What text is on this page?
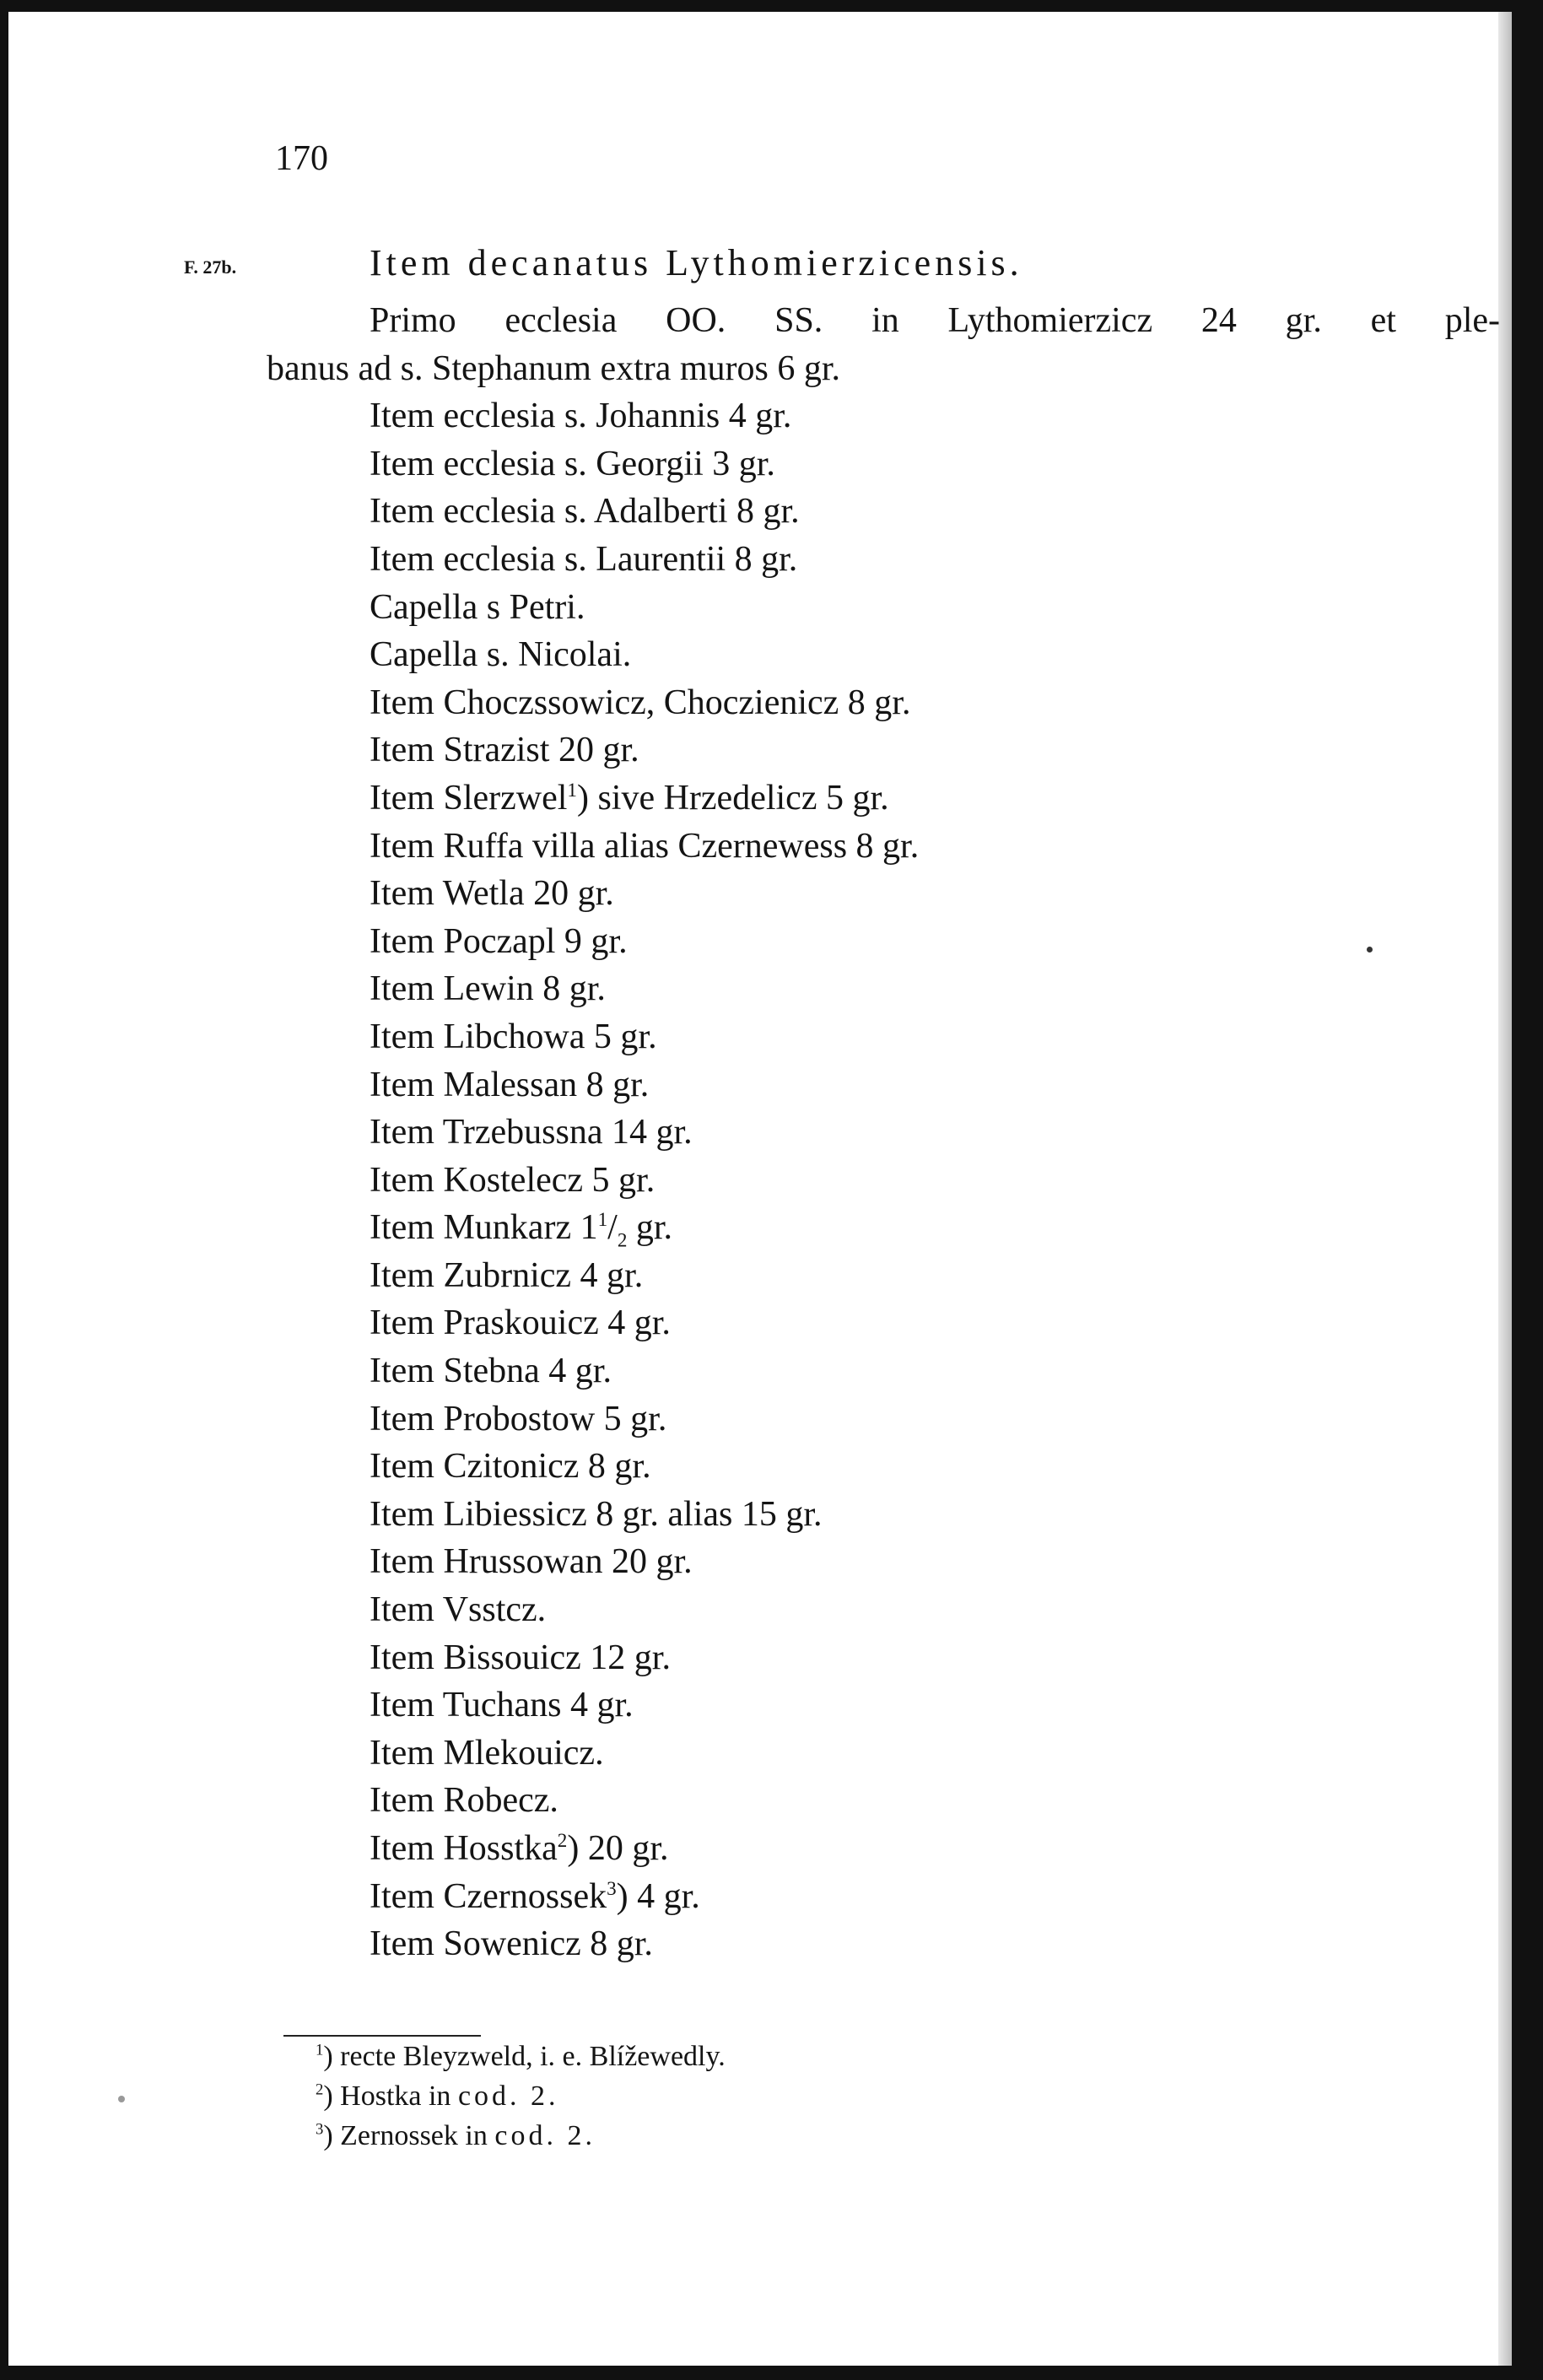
170
F. 27b.	Item decanatus Lythomierzicensis.
Primo ecclesia OO. SS. in Lythomierzicz 24 gr. et ple-
banus ad s. Stephanum extra muros 6 gr.
Item ecclesia s. Johannis 4 gr.
Item ecclesia s. Georgii 3 gr.
Item ecclesia s. Adalberti 8 gr.
Item ecclesia s. Laurentii 8 gr.
Capella s Petri.
Capella s. Nicolai.
Item Choczssowicz, Choczienicz 8 gr.
Item Strazist 20 gr.
Item Slerzwel$^1$) sive Hrzedelicz 5 gr.
Item Ruffa villa alias Czernewess 8 gr.
Item Wetla 20 gr.
Item Poczapl 9 gr.
Item Lewin 8 gr.
Item Libchowa 5 gr.
Item Malessan 8 gr.
Item Trzebussna 14 gr.
Item Kostelecz 5 gr.
Item Munkarz $1^1/_2$ gr.
Item Zubrnicz 4 gr.
Item Praskouicz 4 gr.
Item Stebna 4 gr.
Item Probostow 5 gr.
Item Czitonicz 8 gr.
Item Libiessicz 8 gr. alias 15 gr.
Item Hrussowan 20 gr.
Item Vsstcz.
Item Bissouicz 12 gr.
Item Tuchans 4 gr.
Item Mlekouicz.
Item Robecz.
Item Hosstka$^2$) 20 gr.
Item Czernossek$^3$) 4 gr.
Item Sowenicz 8 gr.
$^1$) recte Bleyzweld, i. e. Blížewedly.
$^2$) Hostka in cod. 2.
$^3$) Zernossek in cod. 2.
